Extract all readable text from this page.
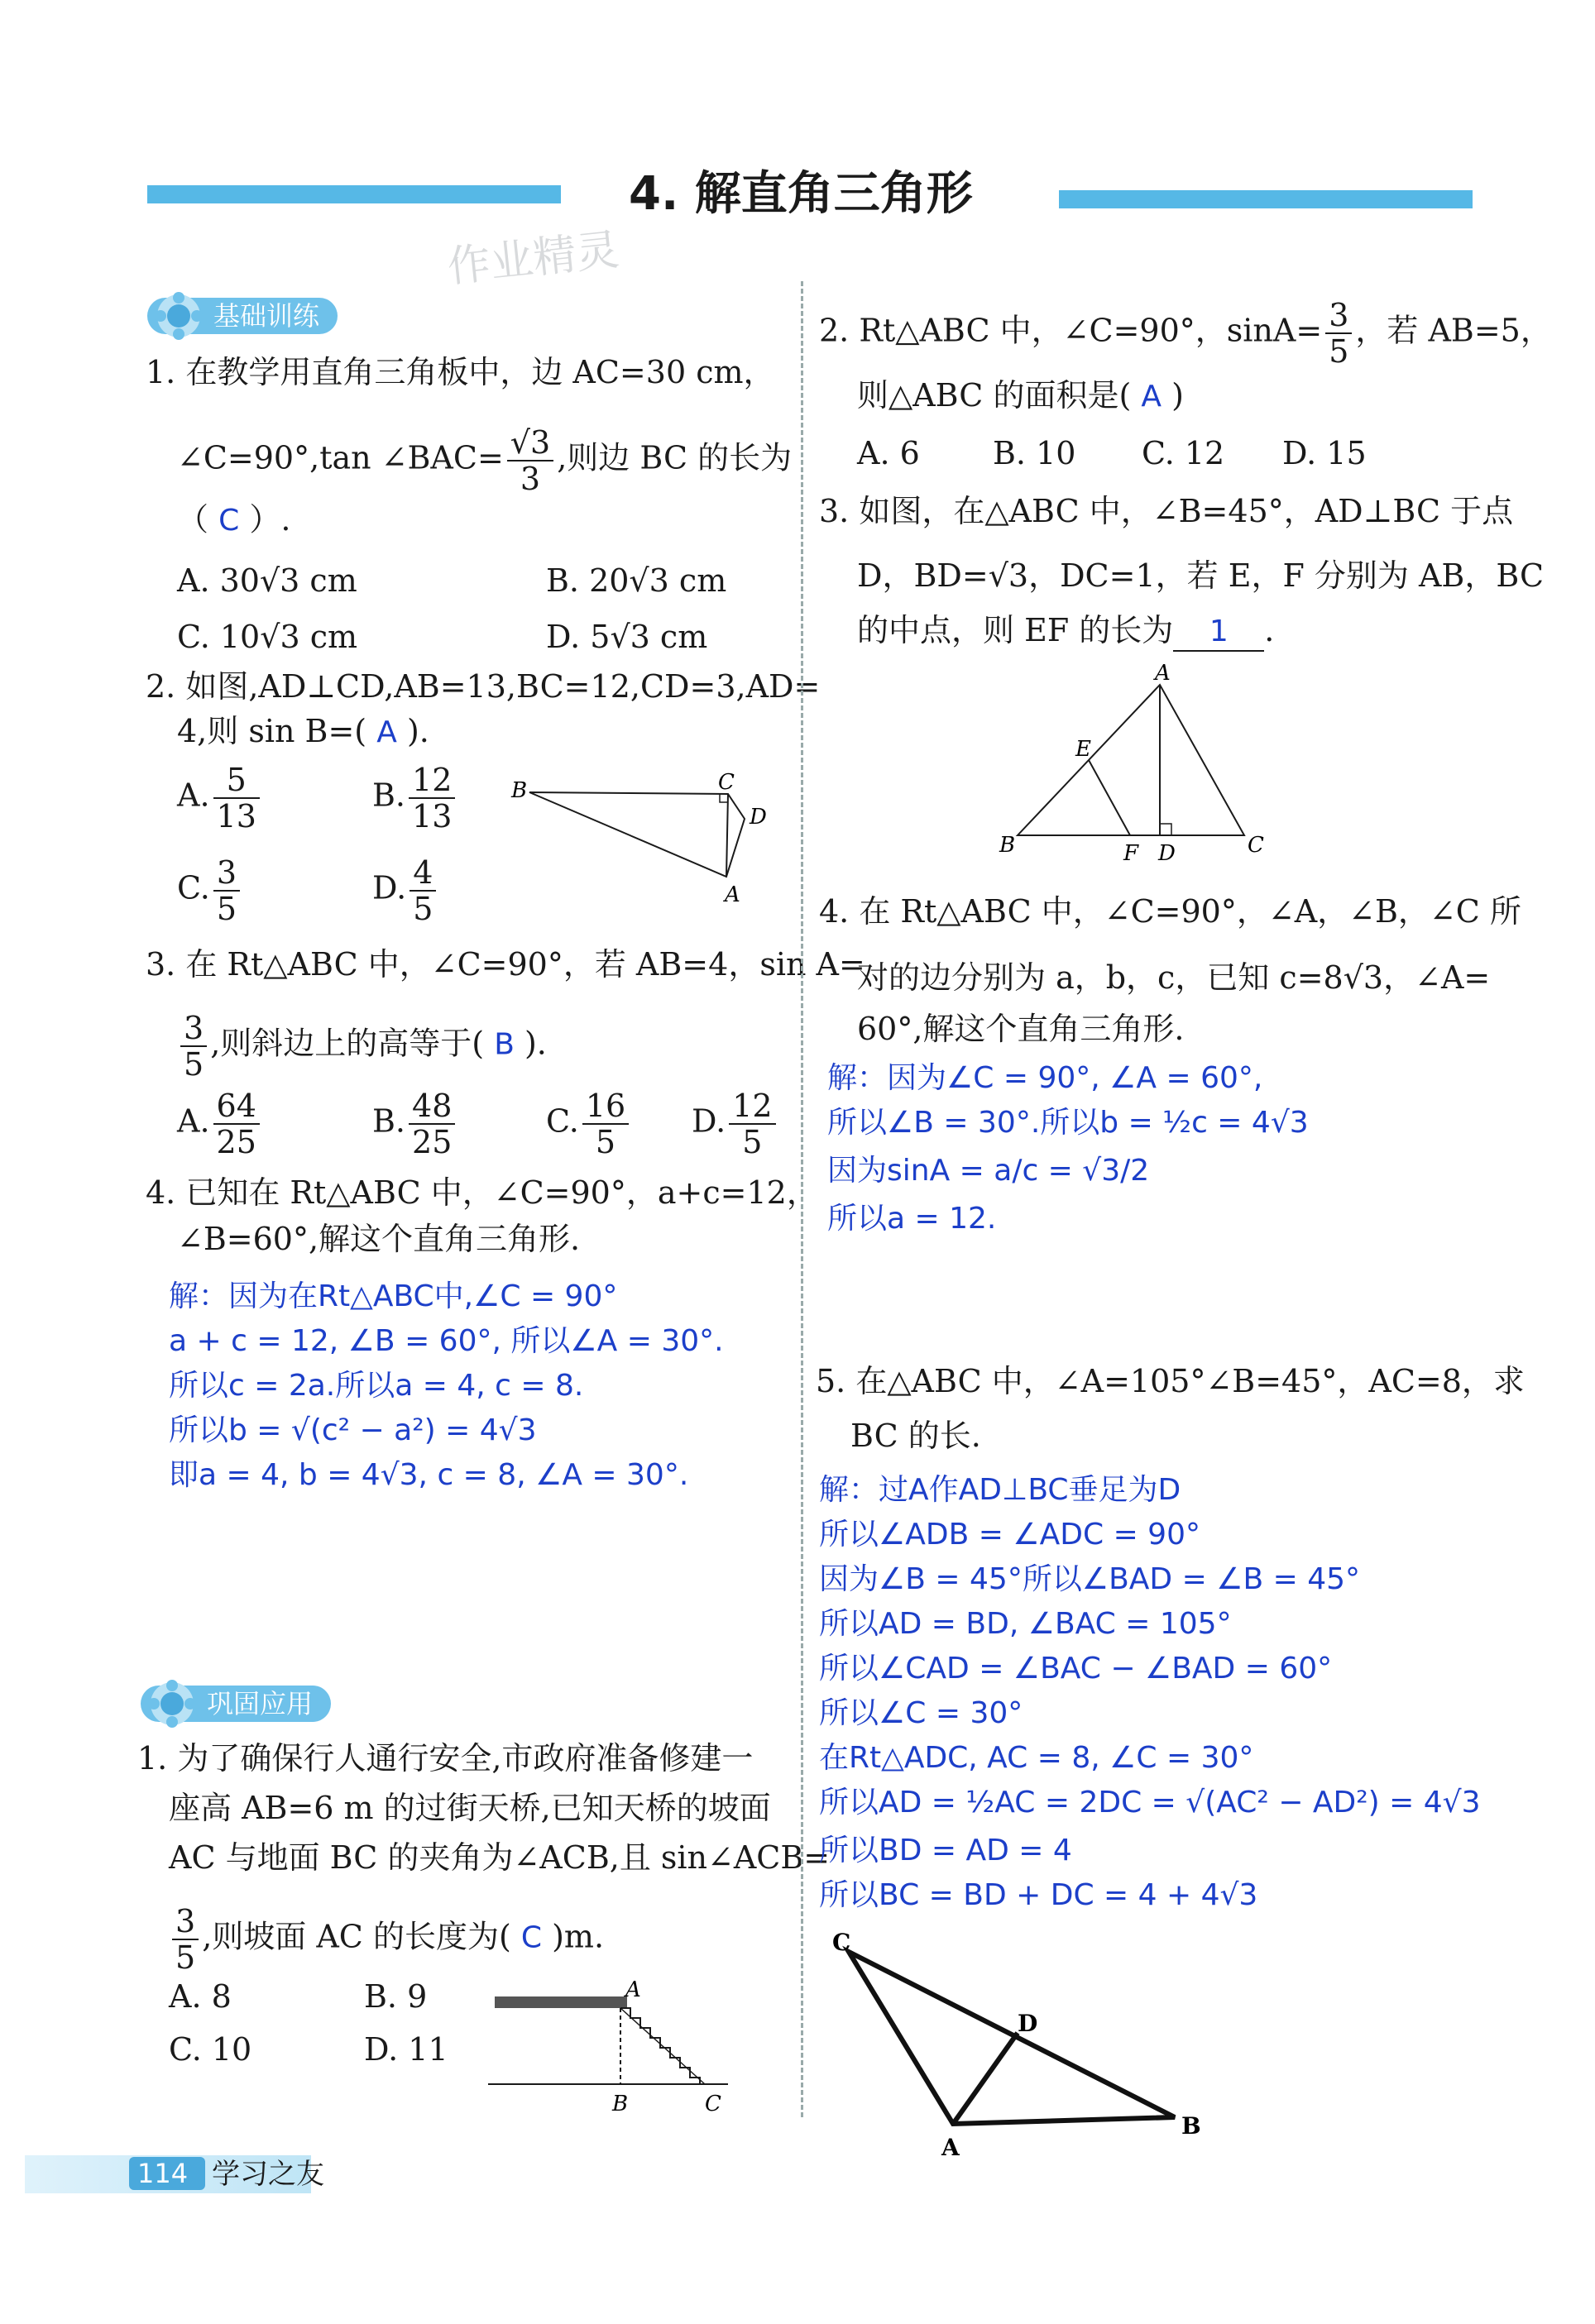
4. 解直角三角形
作业精灵
基础训练
1. 在教学用直角三角板中，边 AC=30 cm，
∠C=90°,tan ∠BAC= $\frac{√3}{3}$ ,则边 BC 的长为
（ C ）.
A. 30√3 cm	B. 20√3 cm
C. 10√3 cm	D. 5√3 cm
2. 如图,AD⊥CD,AB=13,BC=12,CD=3,AD=
4,则 sin B=( A ).
A. $\frac{5}{13}$	B. $\frac{12}{13}$
C. $\frac{3}{5}$	D. $\frac{4}{5}$
B	C
D
A
3. 在 Rt△ABC 中，∠C=90°，若 AB=4，sin A=
$\frac{3}{5}$ ,则斜边上的高等于( B ).
A. $\frac{64}{25}$	B. $\frac{48}{25}$	C. $\frac{16}{5} D$. $\frac{12}{5}$
4. 已知在 Rt△ABC 中，∠C=90°，a+c=12，
∠B=60°,解这个直角三角形.
解：因为在Rt△ABC中,∠C = 90°
a + c = 12, ∠B = 60°, 所以∠A = 30°.
所以c = 2a.所以a = 4, c = 8.
所以b = √(c² − a²) = 4√3
即a = 4, b = 4√3, c = 8, ∠A = 30°.
巩固应用
1. 为了确保行人通行安全,市政府准备修建一
座高 AB=6 m 的过街天桥,已知天桥的坡面
AC 与地面 BC 的夹角为∠ACB,且 sin∠ACB=
$\frac{3}{5}$ ,则坡面 AC 的长度为( C )m.
A. 8	B. 9
C. 10	D. 11
A
B	C
2. Rt△ABC 中，∠C=90°，$\sin A= \frac{3}{5}$ ，若 AB=5，
则△ABC 的面积是( A )
A. 6 B. 10 C. 12 D. 15
3. 如图，在△ABC 中，∠B=45°，AD⊥BC 于点
D，BD=√3，DC=1，若 E，F 分别为 AB，BC
的中点，则 EF 的长为 1 .
A
E
B	F D	C
4. 在 Rt△ABC 中，∠C=90°，∠A，∠B，∠C 所
对的边分别为 a，b，c，已知 c=8√3，∠A=
60°,解这个直角三角形.
解：因为∠C = 90°, ∠A = 60°,
所以∠B = 30°.所以b = ½c = 4√3
因为sinA = a/c = √3/2
所以a = 12.
5. 在△ABC 中，∠A=105°∠B=45°，AC=8，求
BC 的长.
解：过A作AD⊥BC垂足为D
所以∠ADB = ∠ADC = 90°
因为∠B = 45°所以∠BAD = ∠B = 45°
所以AD = BD, ∠BAC = 105°
所以∠CAD = ∠BAC − ∠BAD = 60°
所以∠C = 30°
在Rt△ADC, AC = 8, ∠C = 30°
所以AD = ½AC = 2DC = √(AC² − AD²) = 4√3
所以BD = AD = 4
所以BC = BD + DC = 4 + 4√3
C
D
A
B
114 学习之友
